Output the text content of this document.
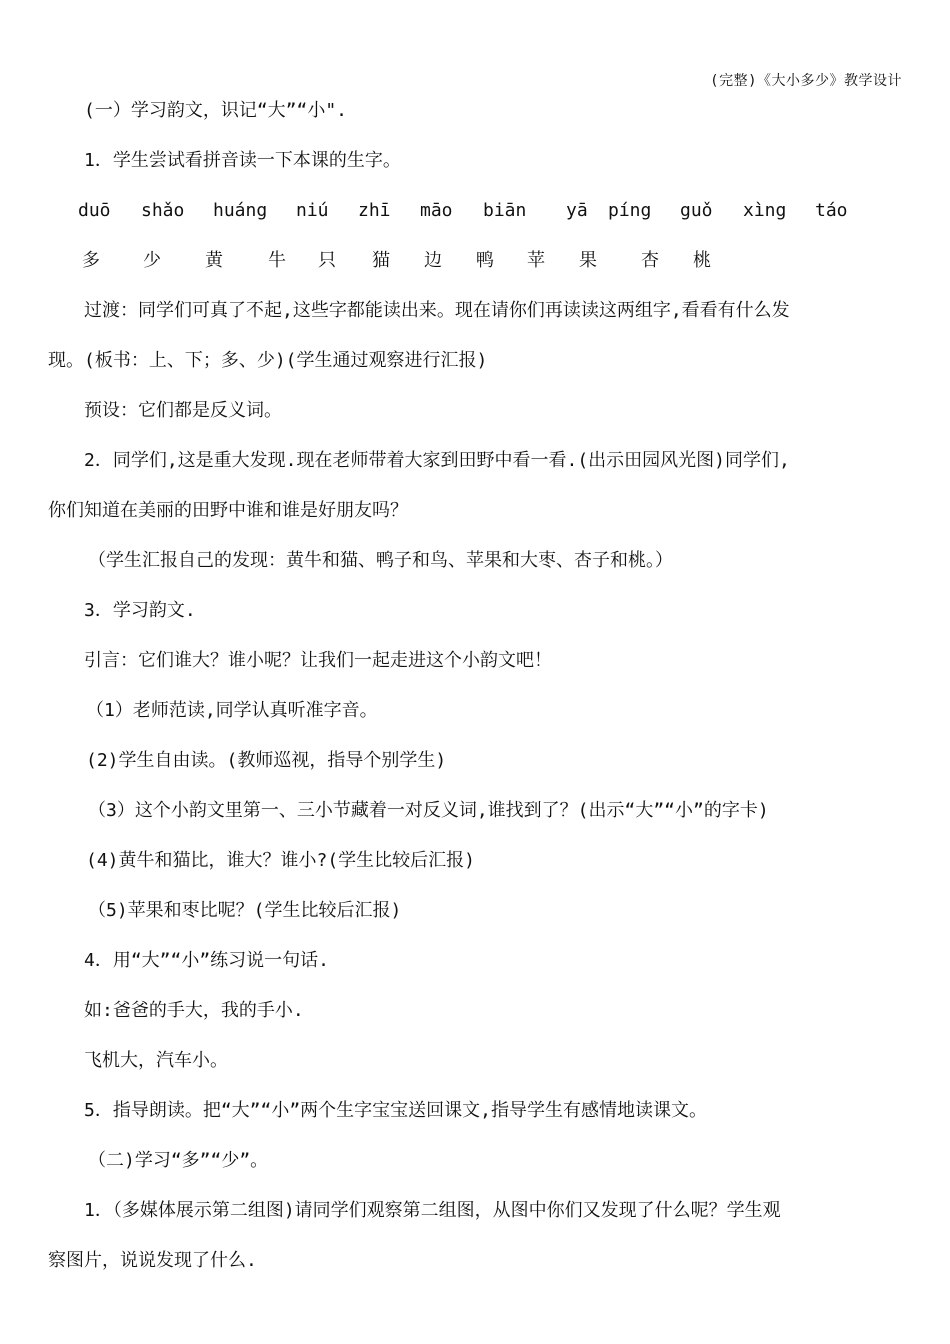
(完整)《大小多少》教学设计
(一）学习韵文，识记“大”“小".
1．学生尝试看拼音读一下本课的生字。
duō shǎo huáng niú zhī māo biān yā píng guǒ xìng táo
多 少 黄	牛 只 猫 边 鸭 苹 果 杏 桃
过渡：同学们可真了不起,这些字都能读出来。现在请你们再读读这两组字,看看有什么发
现。(板书：上、下；多、少)(学生通过观察进行汇报)
预设：它们都是反义词。
2．同学们,这是重大发现.现在老师带着大家到田野中看一看.(出示田园风光图)同学们,
你们知道在美丽的田野中谁和谁是好朋友吗？
（学生汇报自己的发现：黄牛和猫、鸭子和鸟、苹果和大枣、杏子和桃。）
3．学习韵文.
引言：它们谁大？谁小呢？让我们一起走进这个小韵文吧！
（1）老师范读,同学认真听准字音。
(2)学生自由读。(教师巡视，指导个别学生)
（3）这个小韵文里第一、三小节藏着一对反义词,谁找到了？(出示“大”“小”的字卡)
(4)黄牛和猫比，谁大？谁小?(学生比较后汇报)
（5)苹果和枣比呢？(学生比较后汇报)
4．用“大”“小”练习说一句话.
如:爸爸的手大，我的手小.
飞机大，汽车小。
5．指导朗读。把“大”“小”两个生字宝宝送回课文,指导学生有感情地读课文。
（二)学习“多”“少”。
1．（多媒体展示第二组图)请同学们观察第二组图，从图中你们又发现了什么呢？学生观
察图片，说说发现了什么.
